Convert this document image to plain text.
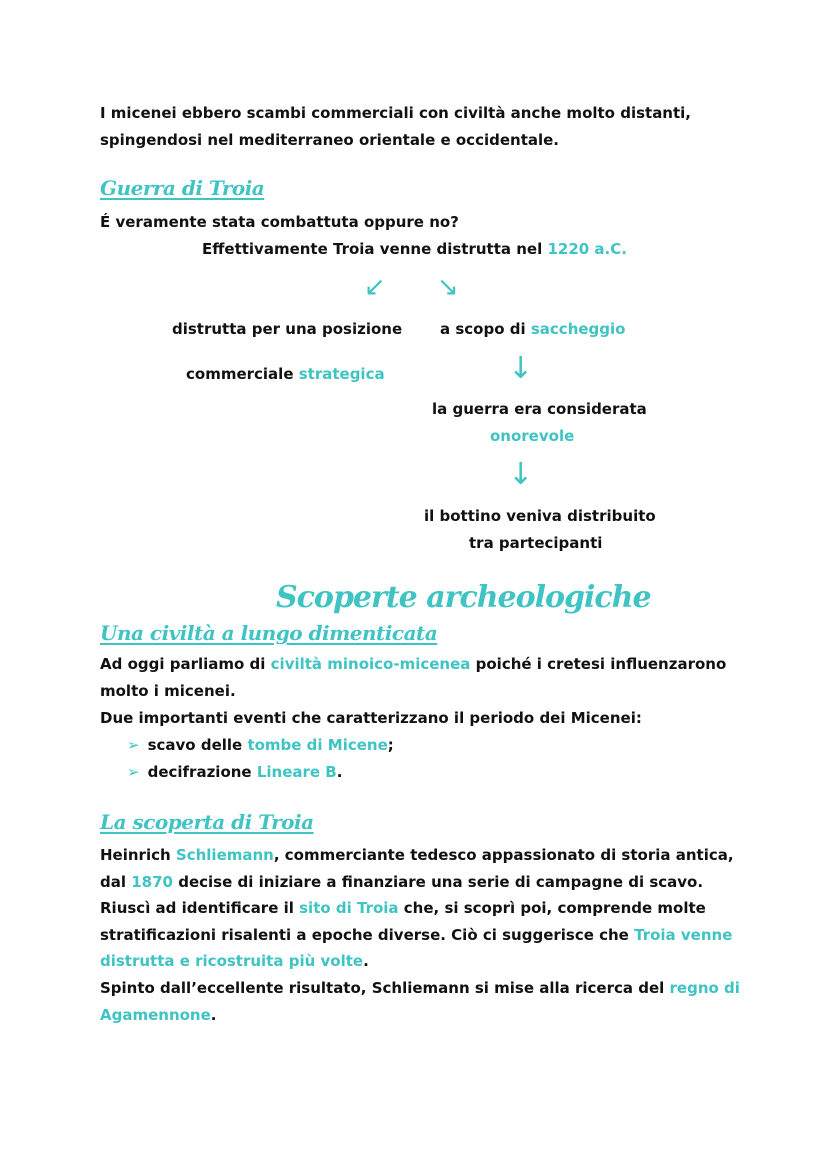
I micenei ebbero scambi commerciali con civiltà anche molto distanti,
spingendosi nel mediterraneo orientale e occidentale.
Guerra di Troia
É veramente stata combattuta oppure no?
Effettivamente Troia venne distrutta nel 1220 a.C.
↙ ↘
distrutta per una posizione
commerciale strategica
a scopo di saccheggio
↓
la guerra era considerata
onorevole
↓
il bottino veniva distribuito
tra partecipanti
Scoperte archeologiche
Una civiltà a lungo dimenticata
Ad oggi parliamo di civiltà minoico-micenea poiché i cretesi influenzarono
molto i micenei.
Due importanti eventi che caratterizzano il periodo dei Micenei:
➢ scavo delle tombe di Micene;
➢ decifrazione Lineare B.
La scoperta di Troia
Heinrich Schliemann, commerciante tedesco appassionato di storia antica,
dal 1870 decise di iniziare a finanziare una serie di campagne di scavo.
Riuscì ad identificare il sito di Troia che, si scoprì poi, comprende molte
stratificazioni risalenti a epoche diverse. Ciò ci suggerisce che Troia venne
distrutta e ricostruita più volte.
Spinto dall’eccellente risultato, Schliemann si mise alla ricerca del regno di
Agamennone.
